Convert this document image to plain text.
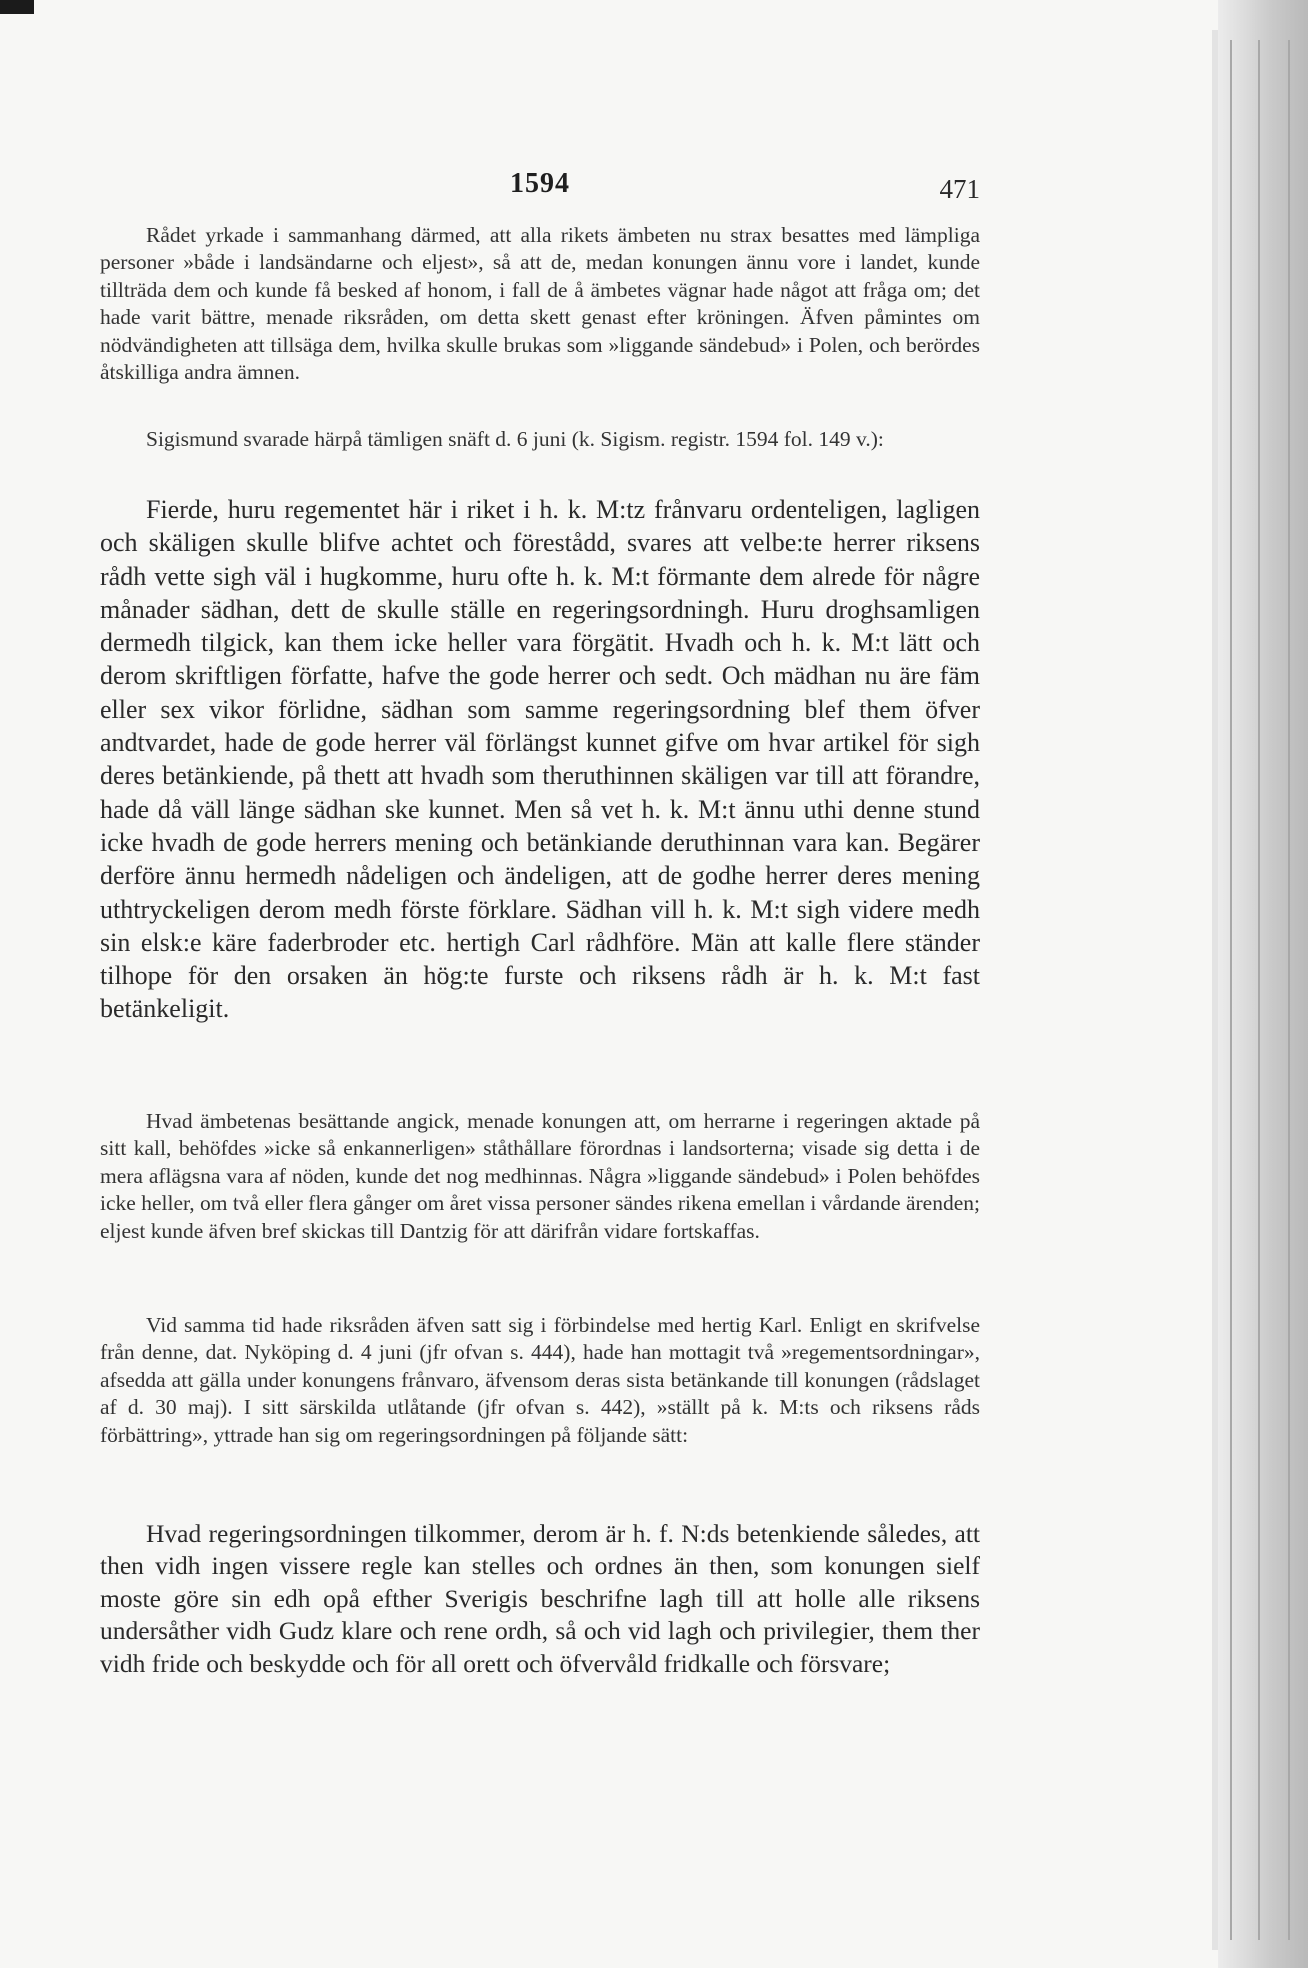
1594	471

Rådet yrkade i sammanhang därmed, att alla rikets ämbeten nu strax besattes med lämpliga personer »både i landsändarne och eljest», så att de, medan konungen ännu vore i landet, kunde tillträda dem och kunde få besked af honom, i fall de å ämbetes vägnar hade något att fråga om; det hade varit bättre, menade riksråden, om detta skett genast efter kröningen. Äfven påmintes om nödvändigheten att tillsäga dem, hvilka skulle brukas som »liggande sändebud» i Polen, och berördes åtskilliga andra ämnen.

Sigismund svarade härpå tämligen snäft d. 6 juni (k. Sigism. registr. 1594 fol. 149 v.):

Fierde, huru regementet här i riket i h. k. M:tz frånvaru ordenteligen, lagligen och skäligen skulle blifve achtet och förestådd, svares att velbe:te herrer riksens rådh vette sigh väl i hugkomme, huru ofte h. k. M:t förmante dem alrede för någre månader sädhan, dett de skulle ställe en regeringsordningh. Huru droghsamligen dermedh tilgick, kan them icke heller vara förgätit. Hvadh och h. k. M:t lätt och derom skriftligen författe, hafve the gode herrer och sedt. Och mädhan nu äre fäm eller sex vikor förlidne, sädhan som samme regeringsordning blef them öfver andtvardet, hade de gode herrer väl förlängst kunnet gifve om hvar artikel för sigh deres betänkiende, på thett att hvadh som theruthinnen skäligen var till att förandre, hade då väll länge sädhan ske kunnet. Men så vet h. k. M:t ännu uthi denne stund icke hvadh de gode herrers mening och betänkiande deruthinnan vara kan. Begärer derföre ännu hermedh nådeligen och ändeligen, att de godhe herrer deres mening uthtryckeligen derom medh förste förklare. Sädhan vill h. k. M:t sigh videre medh sin elsk:e käre faderbroder etc. hertigh Carl rådhföre. Män att kalle flere ständer tilhope för den orsaken än hög:te furste och riksens rådh är h. k. M:t fast betänkeligit.

Hvad ämbetenas besättande angick, menade konungen att, om herrarne i regeringen aktade på sitt kall, behöfdes »icke så enkannerligen» ståthållare förordnas i landsorterna; visade sig detta i de mera aflägsna vara af nöden, kunde det nog medhinnas. Några »liggande sändebud» i Polen behöfdes icke heller, om två eller flera gånger om året vissa personer sändes rikena emellan i vårdande ärenden; eljest kunde äfven bref skickas till Dantzig för att därifrån vidare fortskaffas.

Vid samma tid hade riksråden äfven satt sig i förbindelse med hertig Karl. Enligt en skrifvelse från denne, dat. Nyköping d. 4 juni (jfr ofvan s. 444), hade han mottagit två »regementsordningar», afsedda att gälla under konungens frånvaro, äfvensom deras sista betänkande till konungen (rådslaget af d. 30 maj). I sitt särskilda utlåtande (jfr ofvan s. 442), »ställt på k. M:ts och riksens råds förbättring», yttrade han sig om regeringsordningen på följande sätt:

Hvad regeringsordningen tilkommer, derom är h. f. N:ds betenkiende således, att then vidh ingen vissere regle kan stelles och ordnes än then, som konungen sielf moste göre sin edh opå efther Sverigis beschrifne lagh till att holle alle riksens undersåther vidh Gudz klare och rene ordh, så och vid lagh och privilegier, them ther vidh fride och beskydde och för all orett och öfvervåld fridkalle och försvare;
